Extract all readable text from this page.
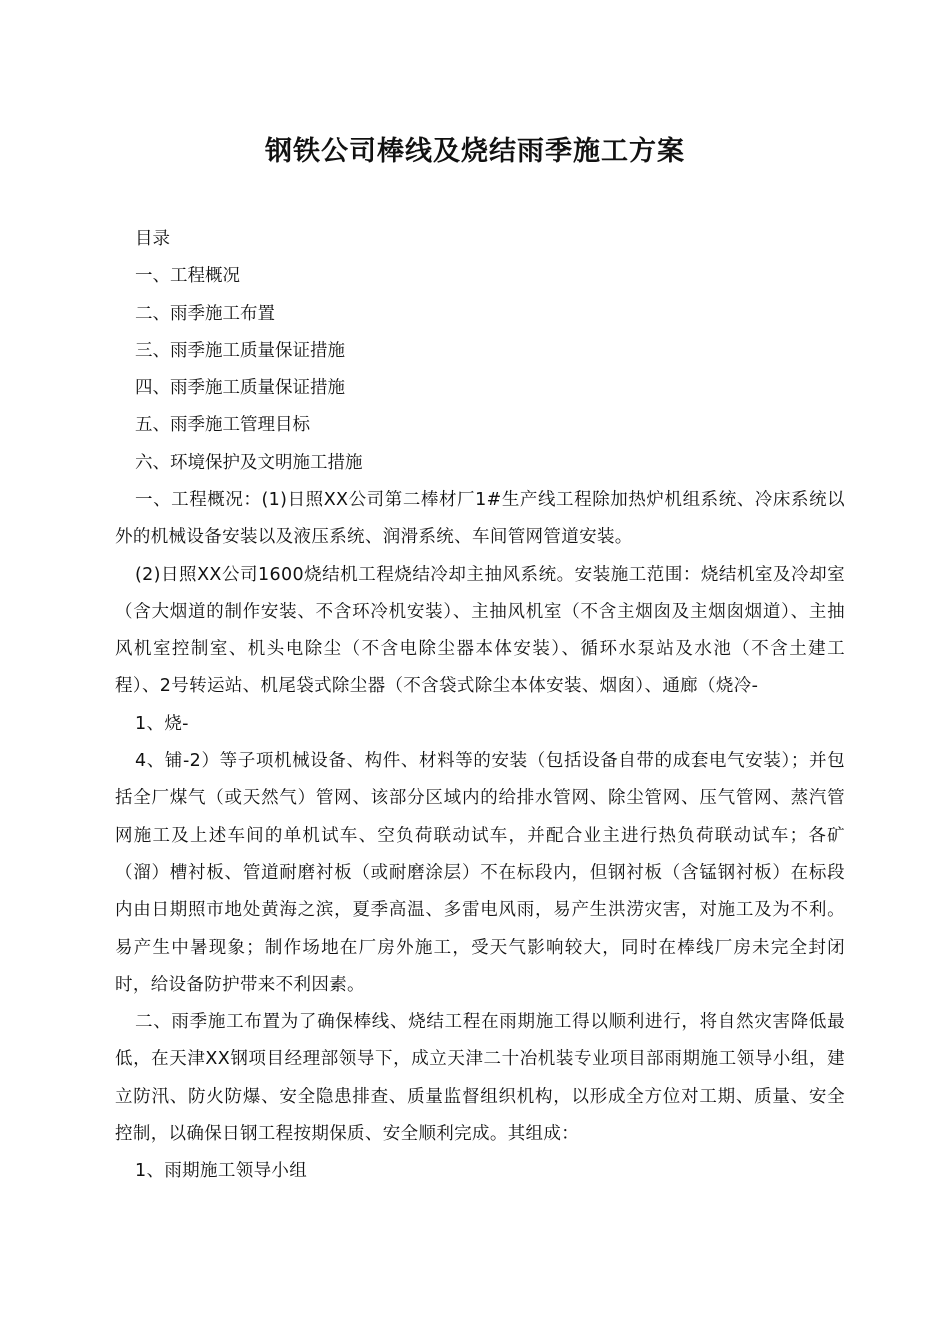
钢铁公司棒线及烧结雨季施工方案
目录
一、工程概况
二、雨季施工布置
三、雨季施工质量保证措施
四、雨季施工质量保证措施
五、雨季施工管理目标
六、环境保护及文明施工措施

一、工程概况：(1)日照XX公司第二棒材厂1#生产线工程除加热炉机组系统、冷床系统以外的机械设备安装以及液压系统、润滑系统、车间管网管道安装。

(2)日照XX公司1600烧结机工程烧结冷却主抽风系统。安装施工范围：烧结机室及冷却室（含大烟道的制作安装、不含环冷机安装）、主抽风机室（不含主烟囱及主烟囱烟道）、主抽风机室控制室、机头电除尘（不含电除尘器本体安装）、循环水泵站及水池（不含土建工程）、2号转运站、机尾袋式除尘器（不含袋式除尘本体安装、烟囱）、通廊（烧冷-

1、烧-

4、铺-2）等子项机械设备、构件、材料等的安装（包括设备自带的成套电气安装）；并包括全厂煤气（或天然气）管网、该部分区域内的给排水管网、除尘管网、压气管网、蒸汽管网施工及上述车间的单机试车、空负荷联动试车，并配合业主进行热负荷联动试车；各矿（溜）槽衬板、管道耐磨衬板（或耐磨涂层）不在标段内，但钢衬板（含锰钢衬板）在标段内由日期照市地处黄海之滨，夏季高温、多雷电风雨，易产生洪涝灾害，对施工及为不利。易产生中暑现象；制作场地在厂房外施工，受天气影响较大，同时在棒线厂房未完全封闭时，给设备防护带来不利因素。

二、雨季施工布置为了确保棒线、烧结工程在雨期施工得以顺利进行，将自然灾害降低最低，在天津XX钢项目经理部领导下，成立天津二十冶机装专业项目部雨期施工领导小组，建立防汛、防火防爆、安全隐患排查、质量监督组织机构，以形成全方位对工期、质量、安全控制，以确保日钢工程按期保质、安全顺利完成。其组成：

1、雨期施工领导小组
